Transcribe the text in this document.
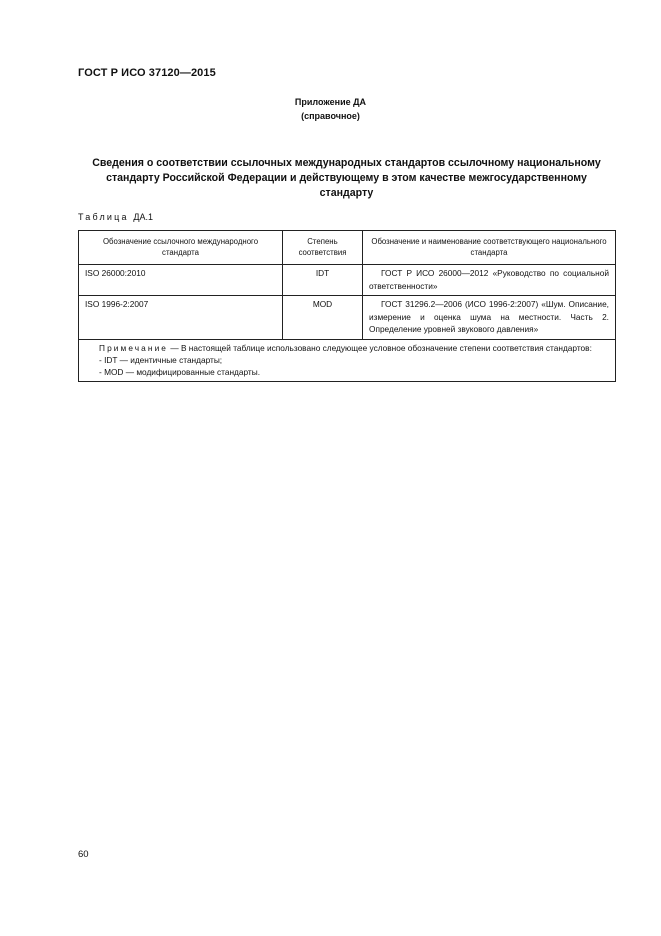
ГОСТ Р ИСО 37120—2015
Приложение ДА
(справочное)
Сведения о соответствии ссылочных международных стандартов ссылочному национальному стандарту Российской Федерации и действующему в этом качестве межгосударственному стандарту
Таблица ДА.1
Обозначение ссылочного международного стандарта	Степень соответствия	Обозначение и наименование соответствующего национального стандарта
ISO 26000:2010	IDT	ГОСТ Р ИСО 26000—2012 «Руководство по социальной ответственности»
ISO 1996-2:2007	MOD	ГОСТ 31296.2—2006 (ИСО 1996-2:2007) «Шум. Описание, измерение и оценка шума на местности. Часть 2. Определение уровней звукового давления»

Примечание — В настоящей таблице использовано следующее условное обозначение степени соответствия стандартов:
- IDT — идентичные стандарты;
- MOD — модифицированные стандарты.		
60
